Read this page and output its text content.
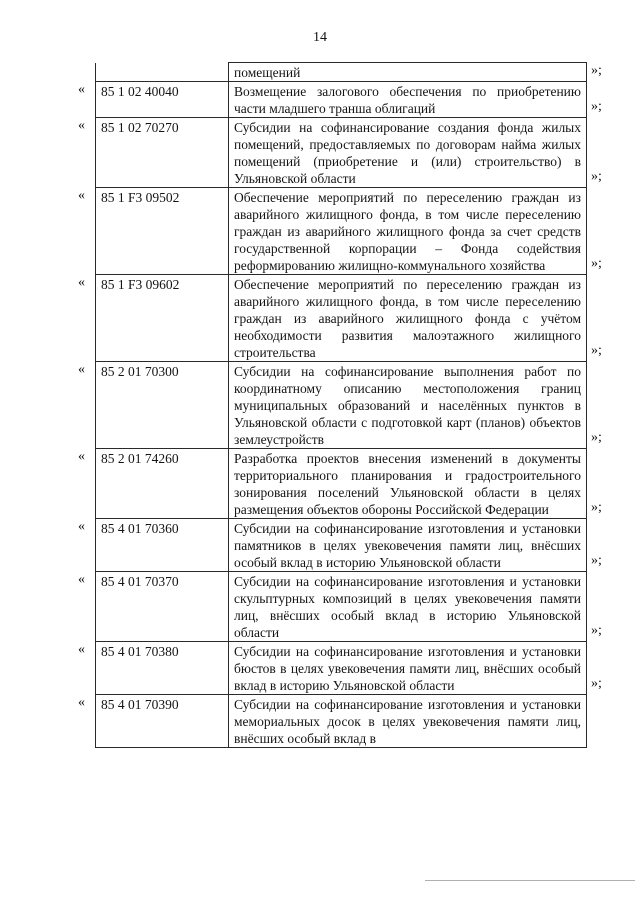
14
	помещений
85 1 02 40040	Возмещение залогового обеспечения по приобретению части младшего транша облигаций
85 1 02 70270	Субсидии на софинансирование создания фонда жилых помещений, предоставляемых по договорам найма жилых помещений (приобретение и (или) строительство) в Ульяновской области
85 1 F3 09502	Обеспечение мероприятий по переселению граждан из аварийного жилищного фонда, в том числе переселению граждан из аварийного жилищного фонда за счет средств государственной корпорации – Фонда содействия реформированию жилищно-коммунального хозяйства
85 1 F3 09602	Обеспечение мероприятий по переселению граждан из аварийного жилищного фонда, в том числе переселению граждан из аварийного жилищного фонда с учётом необходимости развития малоэтажного жилищного строительства
85 2 01 70300	Субсидии на софинансирование выполнения работ по координатному описанию местоположения границ муниципальных образований и населённых пунктов в Ульяновской области с подготовкой карт (планов) объектов землеустройств
85 2 01 74260	Разработка проектов внесения изменений в документы территориального планирования и градостроительного зонирования поселений Ульяновской области в целях размещения объектов обороны Российской Федерации
85 4 01 70360	Субсидии на софинансирование изготовления и установки памятников в целях увековечения памяти лиц, внёсших особый вклад в историю Ульяновской области
85 4 01 70370	Субсидии на софинансирование изготовления и установки скульптурных композиций в целях увековечения памяти лиц, внёсших особый вклад в историю Ульяновской области
85 4 01 70380	Субсидии на софинансирование изготовления и установки бюстов в целях увековечения памяти лиц, внёсших особый вклад в историю Ульяновской области
85 4 01 70390	Субсидии на софинансирование изготовления и установки мемориальных досок в целях увековечения памяти лиц, внёсших особый вклад в
«
«
«
«
«
«
«
«
«
«
»;
»;
»;
»;
»;
»;
»;
»;
»;
»;
